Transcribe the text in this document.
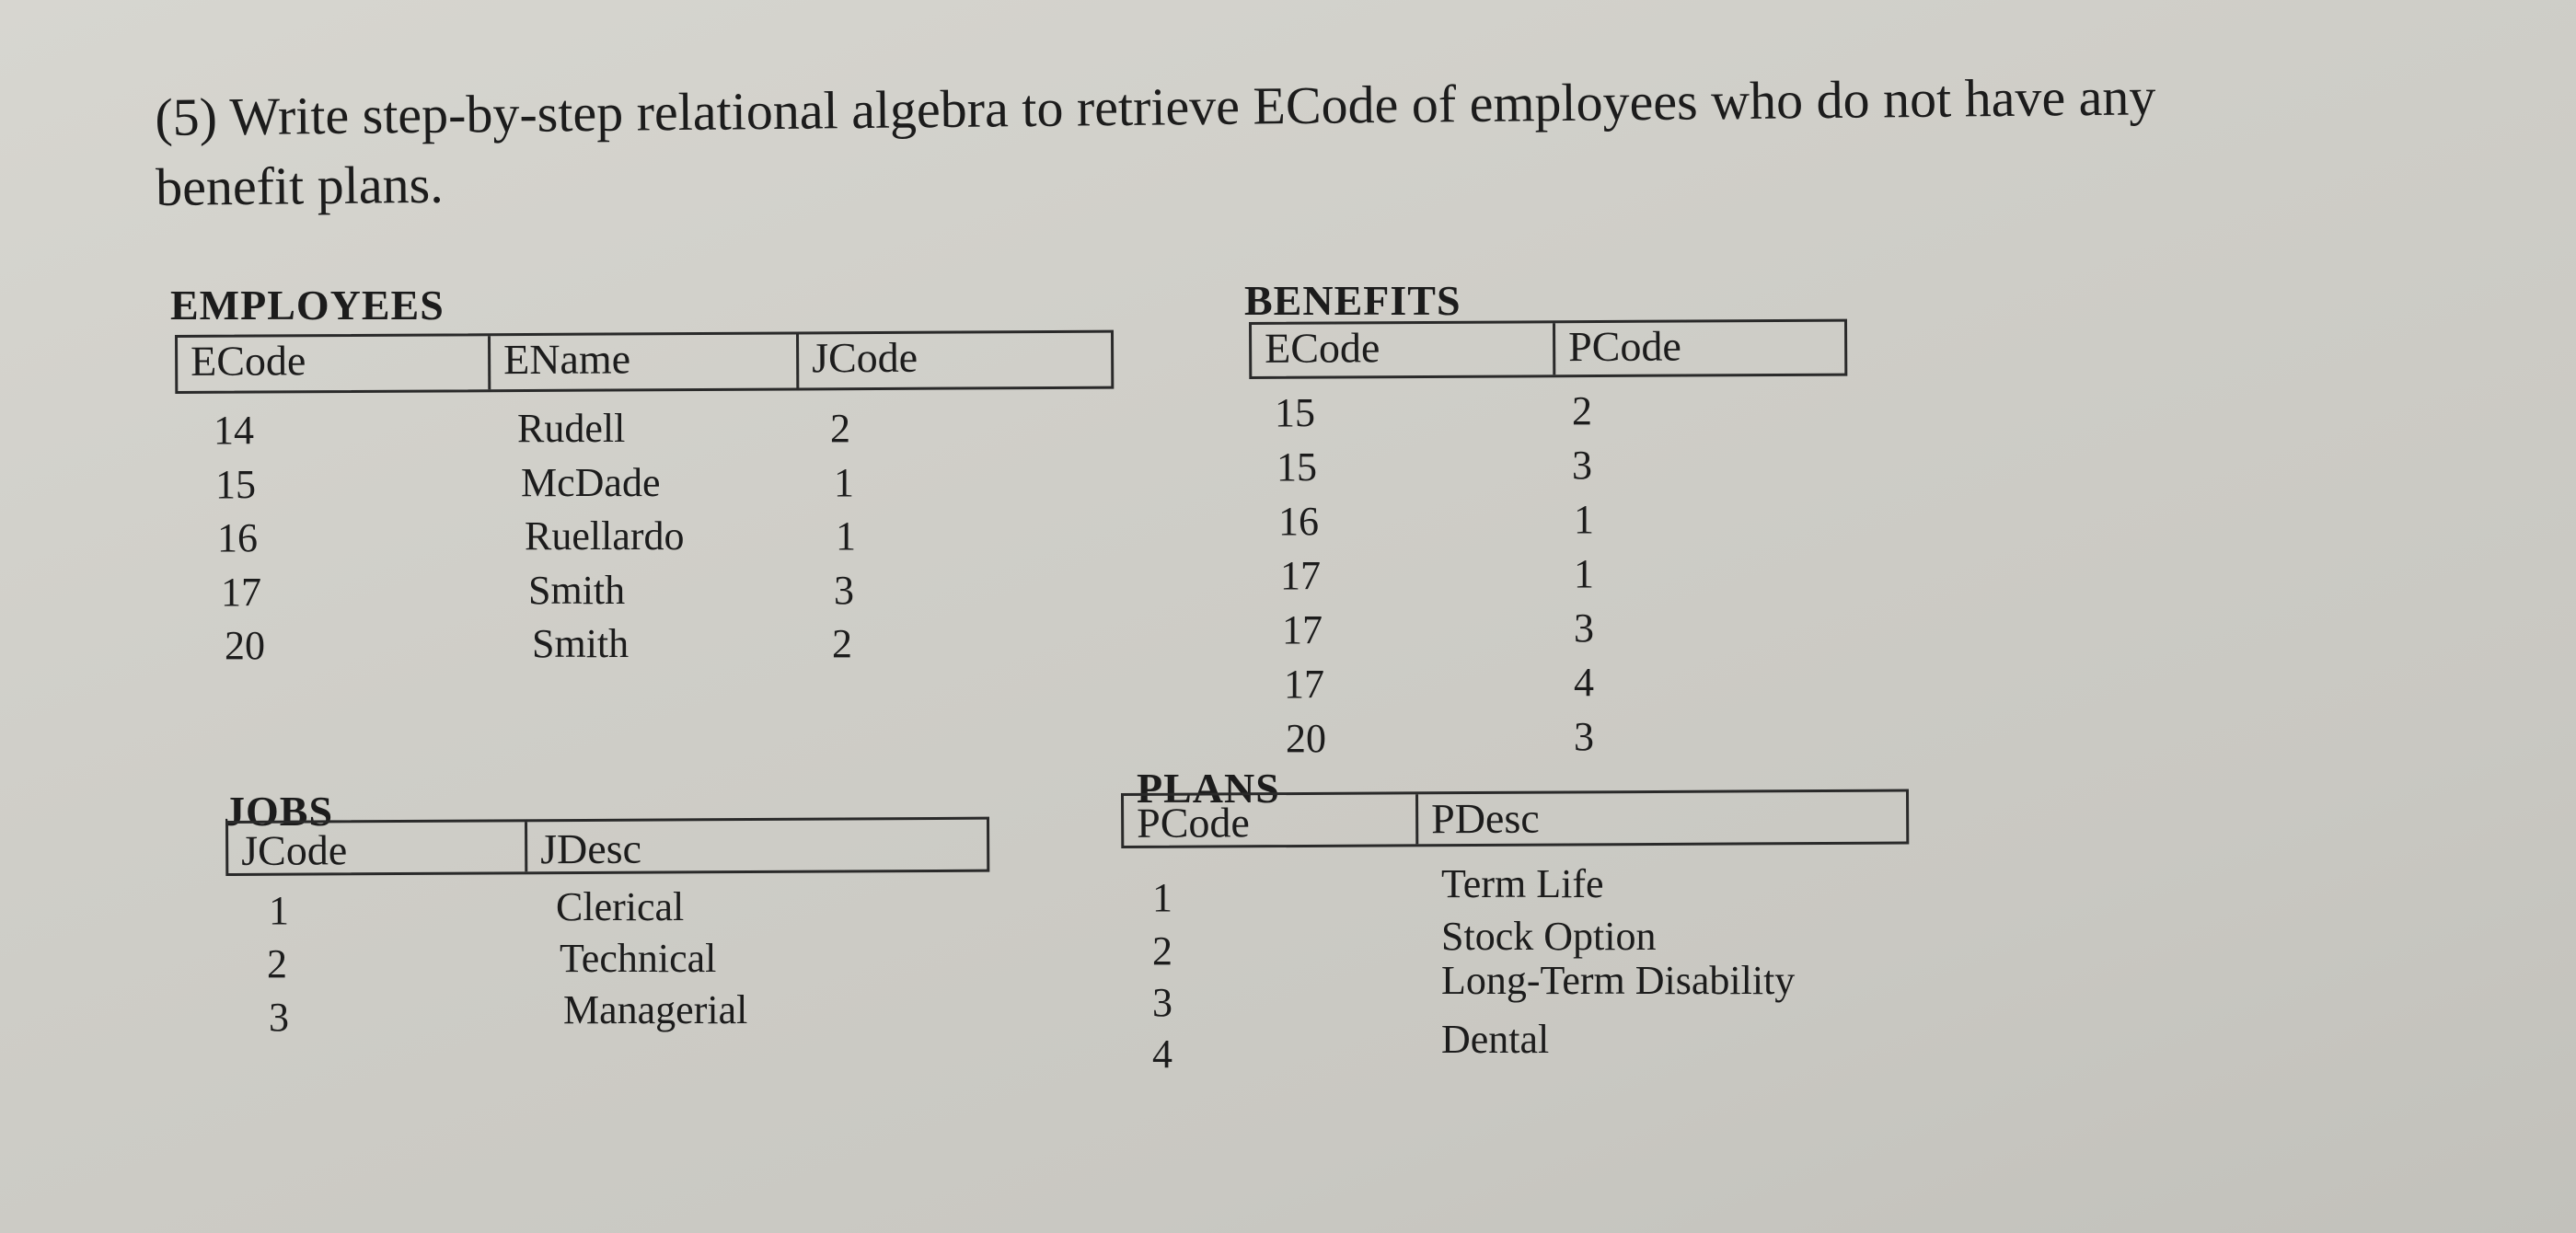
(5) Write step-by-step relational algebra to retrieve ECode of employees who do not have any
benefit plans.
EMPLOYEES
ECode	EName	JCode
14	Rudell	2
15	McDade	1
16	Ruellardo	1
17	Smith	3
20	Smith	2
BENEFITS
ECode	PCode
15	2
15	3
16	1
17	1
17	3
17	4
20	3
JOBS
JCode	JDesc
1	Clerical
2	Technical
3	Managerial
PLANS
PCode	PDesc
1	Term Life
2	Stock Option
3	Long-Term Disability
4	Dental
